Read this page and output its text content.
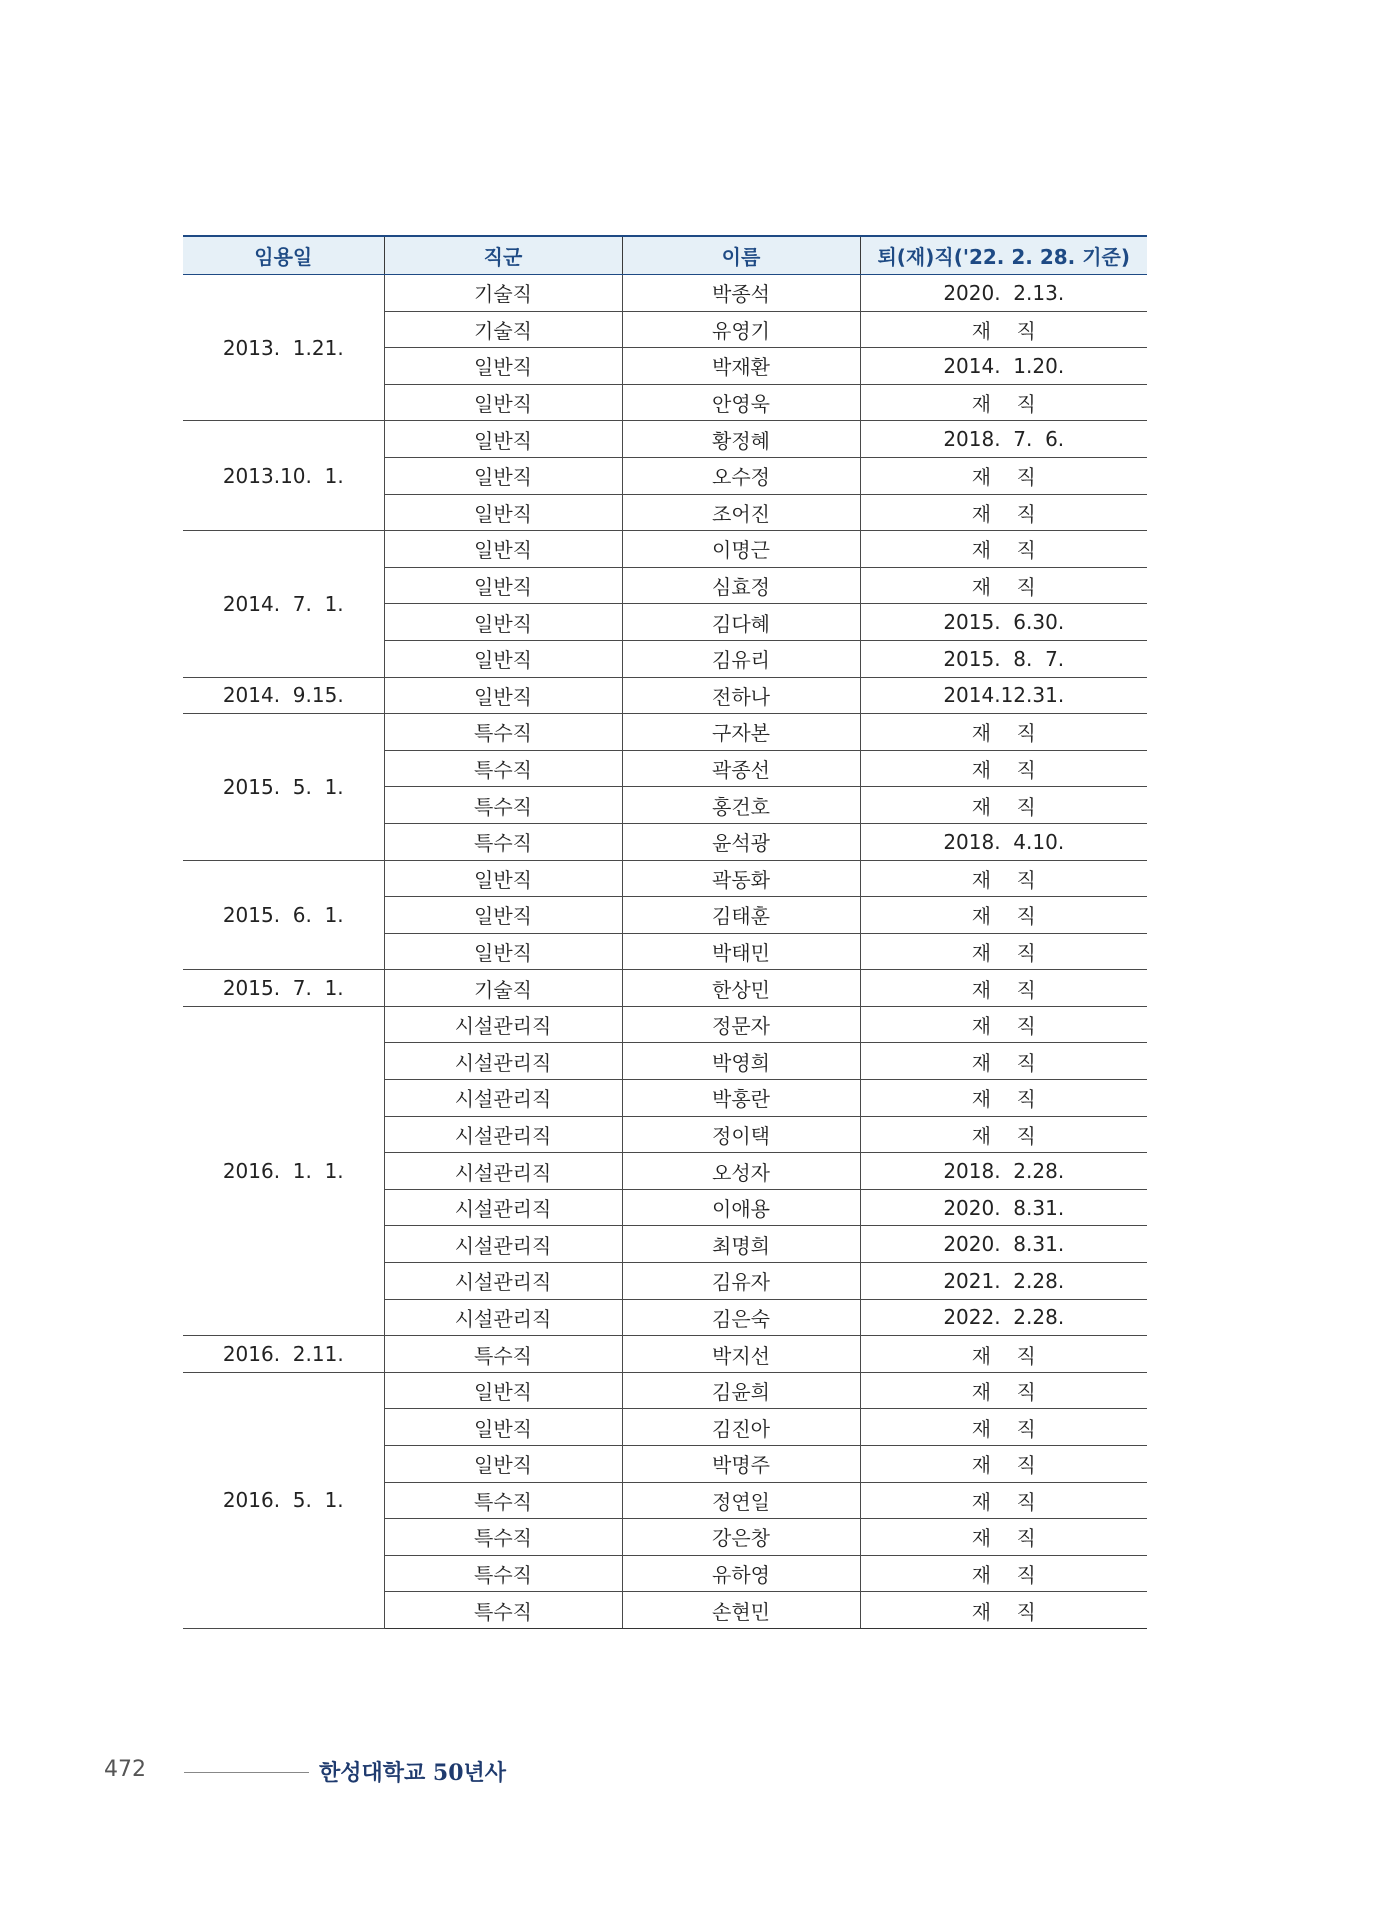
임용일	직군	이름	퇴(재)직('22. 2. 28. 기준)
2013.  1.21.	기술직	박종석	2020.  2.13.
	기술직	유영기	재    직
	일반직	박재환	2014.  1.20.
	일반직	안영욱	재    직
2013.10.  1.	일반직	황정혜	2018.  7.  6.
	일반직	오수정	재    직
	일반직	조어진	재    직
2014.  7.  1.	일반직	이명근	재    직
	일반직	심효정	재    직
	일반직	김다혜	2015.  6.30.
	일반직	김유리	2015.  8.  7.
2014.  9.15.	일반직	전하나	2014.12.31.
2015.  5.  1.	특수직	구자본	재    직
	특수직	곽종선	재    직
	특수직	홍건호	재    직
	특수직	윤석광	2018.  4.10.
2015.  6.  1.	일반직	곽동화	재    직
	일반직	김태훈	재    직
	일반직	박태민	재    직
2015.  7.  1.	기술직	한상민	재    직
2016.  1.  1.	시설관리직	정문자	재    직
	시설관리직	박영희	재    직
	시설관리직	박홍란	재    직
	시설관리직	정이택	재    직
	시설관리직	오성자	2018.  2.28.
	시설관리직	이애용	2020.  8.31.
	시설관리직	최명희	2020.  8.31.
	시설관리직	김유자	2021.  2.28.
	시설관리직	김은숙	2022.  2.28.
2016.  2.11.	특수직	박지선	재    직
2016.  5.  1.	일반직	김윤희	재    직
	일반직	김진아	재    직
	일반직	박명주	재    직
	특수직	정연일	재    직
	특수직	강은창	재    직
	특수직	유하영	재    직
	특수직	손현민	재    직
472	한성대학교 50년사
